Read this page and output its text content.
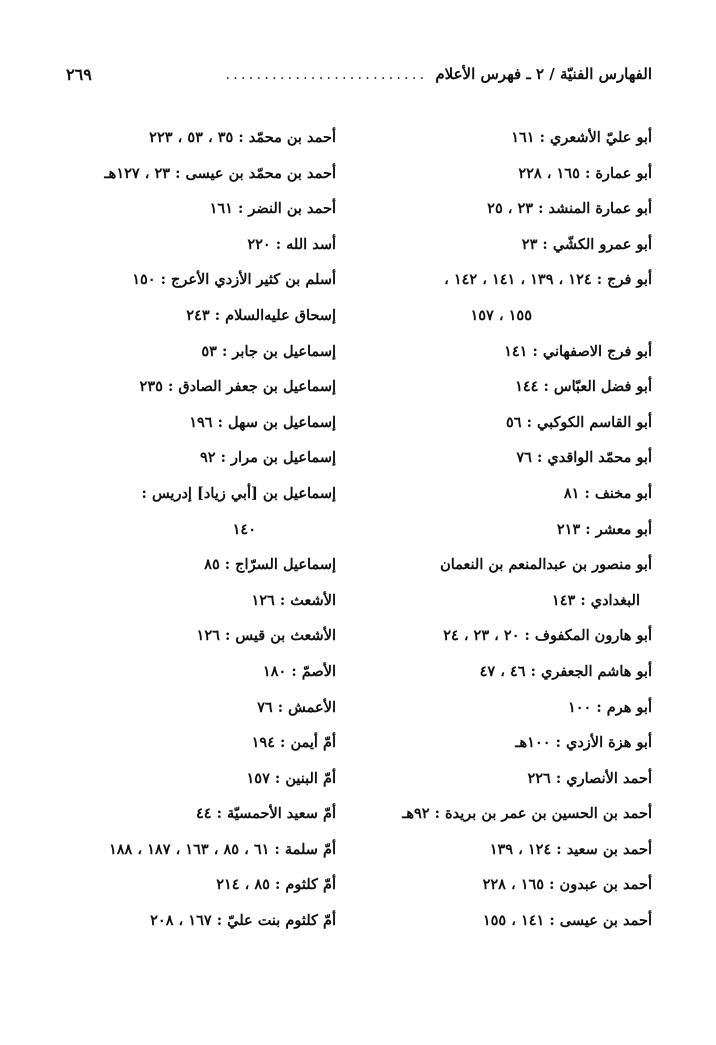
الفهارس الفنيّة / ٢ ـ فهرس الأعلام
..........................
٢٦٩
أبو عليّ الأشعري : ١٦١
أبو عمارة : ١٦٥ ، ٢٢٨
أبو عمارة المنشد : ٢٣ ، ٢٥
أبو عمرو الكشّي : ٢٣
أبو فرج : ١٢٤ ، ١٣٩ ، ١٤١ ، ١٤٢ ،
١٥٥ ، ١٥٧
أبو فرج الاصفهاني : ١٤١
أبو فضل العبّاس : ١٤٤
أبو القاسم الكوكبي : ٥٦
أبو محمّد الواقدي : ٧٦
أبو مخنف : ٨١
أبو معشر : ٢١٣
أبو منصور بن عبدالمنعم بن النعمان
البغدادي : ١٤٣
أبو هارون المكفوف : ٢٠ ، ٢٣ ، ٢٤
أبو هاشم الجعفري : ٤٦ ، ٤٧
أبو هرم : ١٠٠
أبو هزة الأزدي : ١٠٠هـ
أحمد الأنصاري : ٢٢٦
أحمد بن الحسين بن عمر بن بريدة : ٩٢هـ
أحمد بن سعيد : ١٢٤ ، ١٣٩
أحمد بن عبدون : ١٦٥ ، ٢٢٨
أحمد بن عيسى : ١٤١ ، ١٥٥
أحمد بن محمّد : ٣٥ ، ٥٣ ، ٢٢٣
أحمد بن محمّد بن عيسى : ٢٣ ، ١٢٧هـ
أحمد بن النضر : ١٦١
أسد الله : ٢٢٠
أسلم بن كثير الأزدي الأعرج : ١٥٠
إسحاق عليه‌السلام : ٢٤٣
إسماعيل بن جابر : ٥٣
إسماعيل بن جعفر الصادق : ٢٣٥
إسماعيل بن سهل : ١٩٦
إسماعيل بن مرار : ٩٢
إسماعيل بن [أبي زياد] إدريس :
١٤٠
إسماعيل السرّاج : ٨٥
الأشعث : ١٢٦
الأشعث بن قيس : ١٢٦
الأصمّ : ١٨٠
الأعمش : ٧٦
أمّ أيمن : ١٩٤
أمّ البنين : ١٥٧
أمّ سعيد الأحمسيّة : ٤٤
أمّ سلمة : ٦١ ، ٨٥ ، ١٦٣ ، ١٨٧ ، ١٨٨
أمّ كلثوم : ٨٥ ، ٢١٤
أمّ كلثوم بنت عليّ : ١٦٧ ، ٢٠٨
